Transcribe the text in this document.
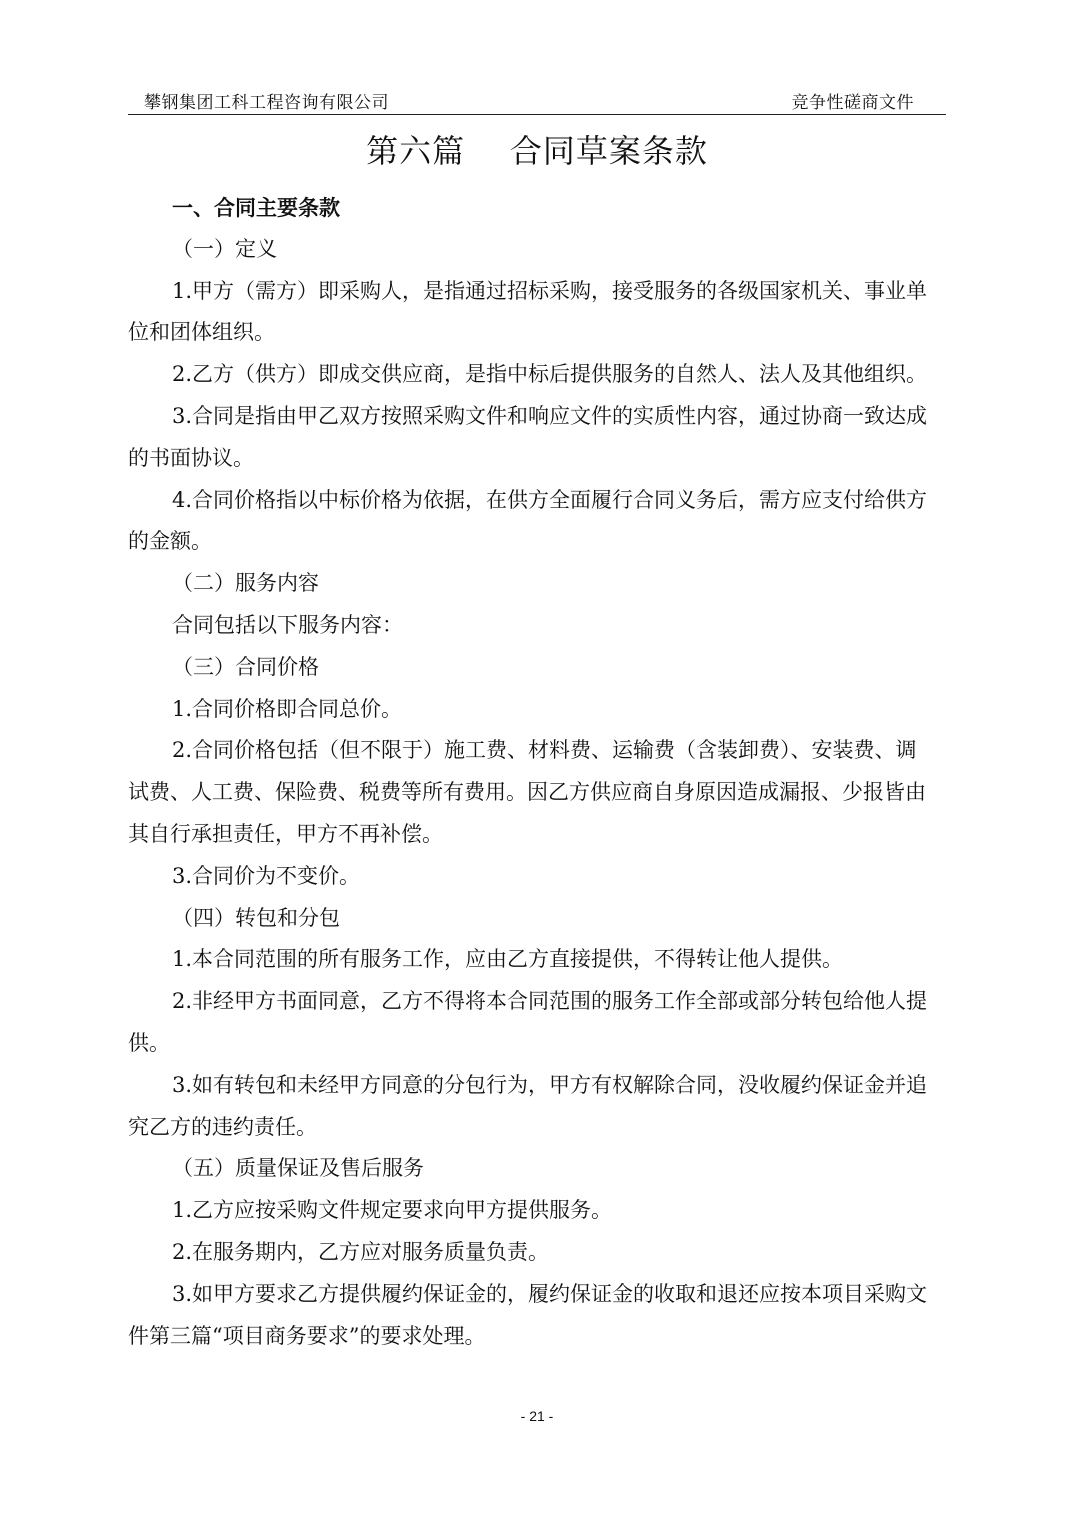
攀钢集团工科工程咨询有限公司	竞争性磋商文件
第六篇    合同草案条款
一、合同主要条款
（一）定义
1.甲方（需方）即采购人，是指通过招标采购，接受服务的各级国家机关、事业单
位和团体组织。
2.乙方（供方）即成交供应商，是指中标后提供服务的自然人、法人及其他组织。
3.合同是指由甲乙双方按照采购文件和响应文件的实质性内容，通过协商一致达成
的书面协议。
4.合同价格指以中标价格为依据，在供方全面履行合同义务后，需方应支付给供方
的金额。
（二）服务内容
合同包括以下服务内容：
（三）合同价格
1.合同价格即合同总价。
2.合同价格包括（但不限于）施工费、材料费、运输费（含装卸费）、安装费、调
试费、人工费、保险费、税费等所有费用。因乙方供应商自身原因造成漏报、少报皆由
其自行承担责任，甲方不再补偿。
3.合同价为不变价。
（四）转包和分包
1.本合同范围的所有服务工作，应由乙方直接提供，不得转让他人提供。
2.非经甲方书面同意，乙方不得将本合同范围的服务工作全部或部分转包给他人提
供。
3.如有转包和未经甲方同意的分包行为，甲方有权解除合同，没收履约保证金并追
究乙方的违约责任。
（五）质量保证及售后服务
1.乙方应按采购文件规定要求向甲方提供服务。
2.在服务期内，乙方应对服务质量负责。
3.如甲方要求乙方提供履约保证金的，履约保证金的收取和退还应按本项目采购文
件第三篇“项目商务要求”的要求处理。
- 21 -
